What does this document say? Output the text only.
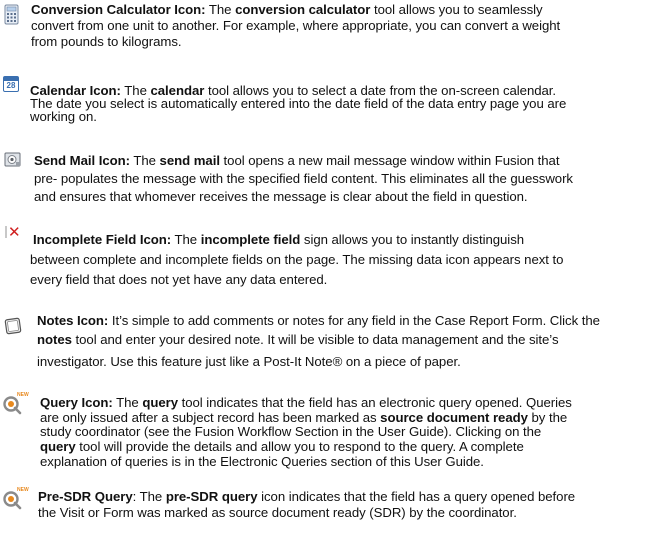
Conversion Calculator Icon: The conversion calculator tool allows you to seamlessly
convert from one unit to another. For example, where appropriate, you can convert a weight
from pounds to kilograms.

28 Calendar Icon: The calendar tool allows you to select a date from the on-screen calendar.
The date you select is automatically entered into the date field of the data entry page you are
working on.

Send Mail Icon: The send mail tool opens a new mail message window within Fusion that
pre- populates the message with the specified field content. This eliminates all the guesswork
and ensures that whomever receives the message is clear about the field in question.

✕ Incomplete Field Icon: The incomplete field sign allows you to instantly distinguish
between complete and incomplete fields on the page. The missing data icon appears next to
every field that does not yet have any data entered.

Notes Icon: It’s simple to add comments or notes for any field in the Case Report Form. Click the
notes tool and enter your desired note. It will be visible to data management and the site’s
investigator. Use this feature just like a Post-It Note® on a piece of paper.

NEW Query Icon: The query tool indicates that the field has an electronic query opened. Queries
are only issued after a subject record has been marked as source document ready by the
study coordinator (see the Fusion Workflow Section in the User Guide). Clicking on the
query tool will provide the details and allow you to respond to the query. A complete
explanation of queries is in the Electronic Queries section of this User Guide.

NEW Pre-SDR Query: The pre-SDR query icon indicates that the field has a query opened before
the Visit or Form was marked as source document ready (SDR) by the coordinator.
